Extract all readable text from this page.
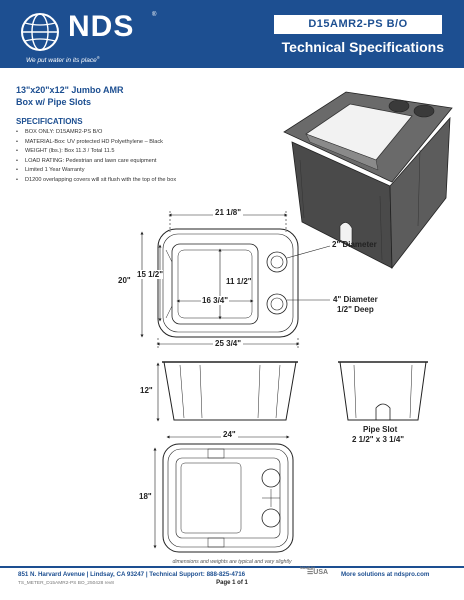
NDS	®
We put water in its place®
D15AMR2-PS B/O
Technical Specifications
13"x20"x12" Jumbo AMR
Box w/ Pipe Slots
SPECIFICATIONS
• BOX ONLY: D15AMR2-PS B/O
• MATERIAL-Box: UV protected HD Polyethylene – Black
• WEIGHT (lbs.): Box 11.3 / Total 11.5
• LOAD RATING: Pedestrian and lawn care equipment
• Limited 1 Year Warranty
• D1200 overlapping covers will sit flush with the top of the box
21 1/8"
20"
15 1/2"
11 1/2"
16 3/4"
25 3/4"
2" Diameter
4" Diameter
1/2" Deep
12"
Pipe Slot
2 1/2" x 3 1/4"
24"
18"
dimensions and weights are typical and vary slightly
851 N. Harvard Avenue | Lindsay, CA 93247 | Technical Support: 888-825-4716
MADE IN
☰USA More solutions at ndspro.com
TS_METER_D15AMR2-PS BO_250428 rev8	Page 1 of 1
